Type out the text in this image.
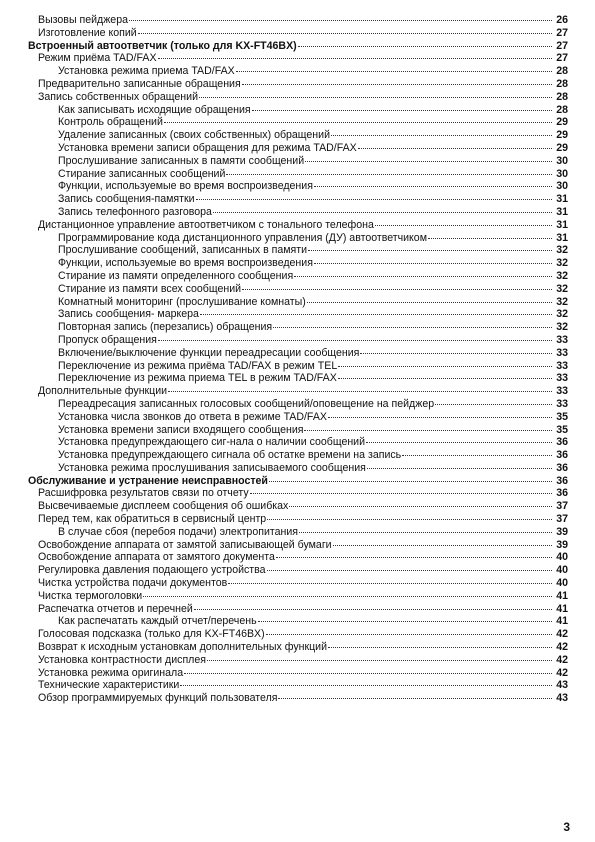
Вызовы пейджера	26
Изготовление копий	27
Встроенный автоответчик (только для KX-FT46BX)	27
Режим приёма TAD/FAX	27
Установка режима приема TAD/FAX	28
Предварительно записанные обращения	28
Запись собственных обращений	28
Как записывать исходящие обращения	28
Контроль обращений	29
Удаление записанных (своих собственных) обращений	29
Установка времени записи обращения для режима TAD/FAX	29
Прослушивание записанных в памяти сообщений	30
Стирание записанных сообщений	30
Функции, используемые во время воспроизведения	30
Запись сообщения-памятки	31
Запись телефонного разговора	31
Дистанционное управление автоответчиком с тонального телефона	31
Программирование кода дистанционного управления (ДУ) автоответчиком	31
Прослушивание сообщений, записанных в памяти	32
Функции, используемые во время воспроизведения	32
Стирание из памяти определенного сообщения	32
Стирание из памяти всех сообщений	32
Комнатный мониторинг (прослушивание комнаты)	32
Запись сообщения- маркера	32
Повторная запись (перезапись) обращения	32
Пропуск обращения	33
Включение/выключение функции переадресации сообщения	33
Переключение из режима приёма TAD/FAX в режим TEL	33
Переключение из режима приема TEL в режим TAD/FAX	33
Дополнительные функции	33
Переадресация записанных голосовых сообщений/оповещение на пейджер	33
Установка числа звонков до ответа в режиме TAD/FAX	35
Установка времени записи входящего сообщения	35
Установка предупреждающего сиг-нала о наличии сообщений	36
Установка предупреждающего сигнала об остатке времени на запись	36
Установка режима прослушивания записываемого сообщения	36
Обслуживание и устранение неисправностей	36
Расшифровка результатов связи по отчету	36
Высвечиваемые дисплеем сообщения об ошибках	37
Перед тем, как обратиться в сервисный центр	37
В случае сбоя (перебоя подачи) электропитания	39
Освобождение аппарата от замятой записывающей бумаги	39
Освобождение аппарата от замятого документа	40
Регулировка давления подающего устройства	40
Чистка устройства подачи документов	40
Чистка термоголовки	41
Распечатка отчетов и перечней	41
Как распечатать каждый отчет/перечень	41
Голосовая подсказка (только для KX-FT46BX)	42
Возврат к исходным установкам дополнительных функций	42
Установка контрастности дисплея	42
Установка режима оригинала	42
Технические характеристики	43
Обзор программируемых функций пользователя	43
3
